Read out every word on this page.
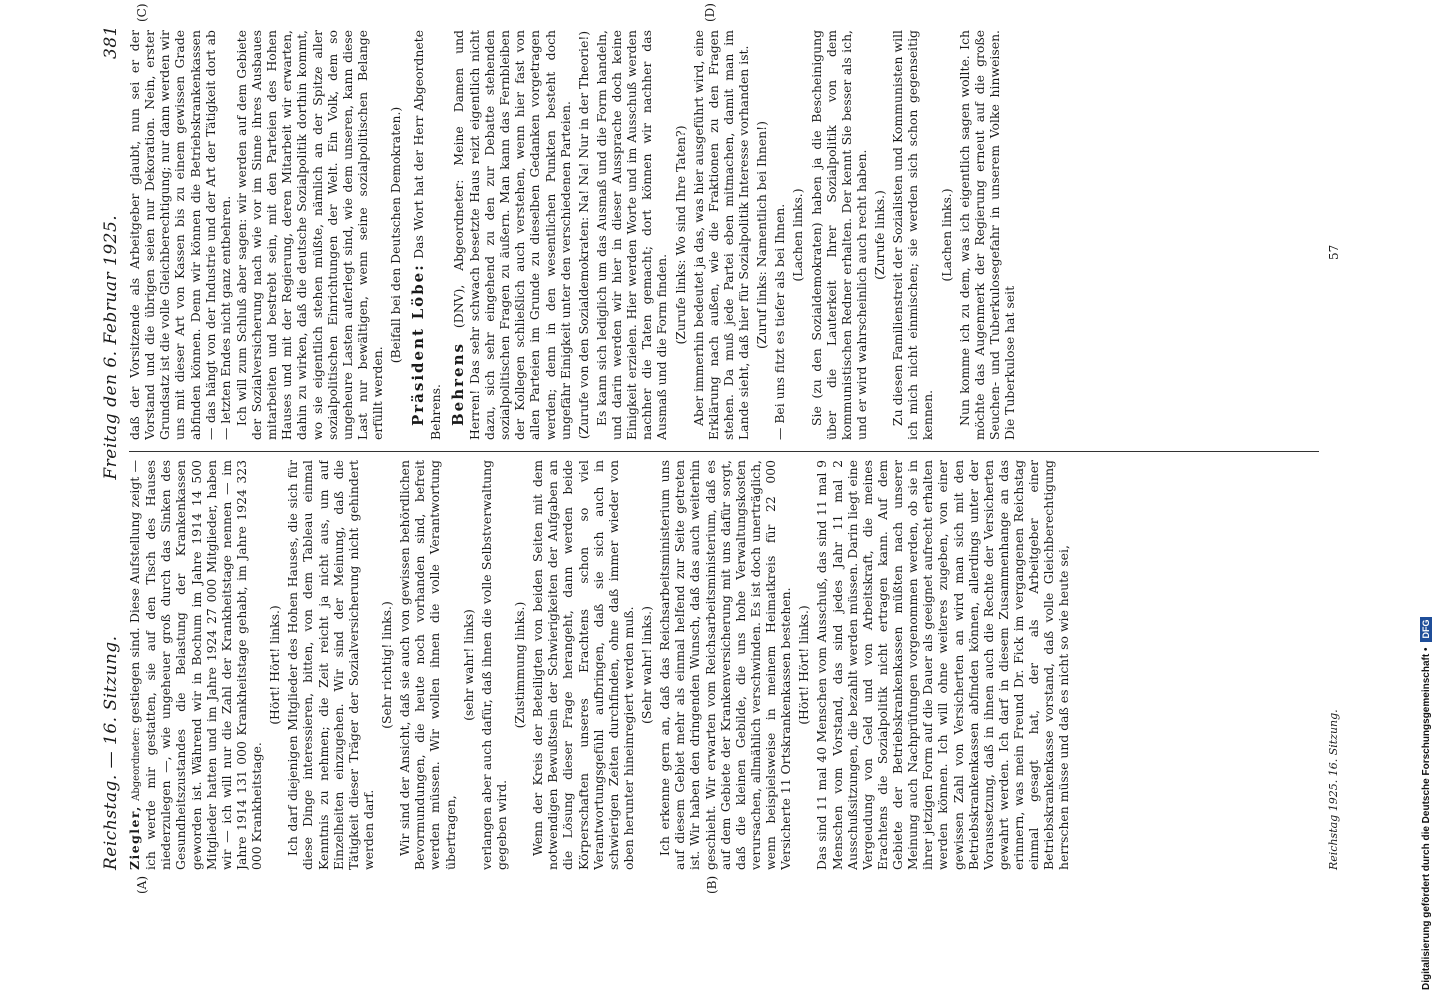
Reichstag. — 16. Sitzung.
Freitag den 6. Februar 1925.
381
(A)	(B)
(C)	(D)

Ziegler, Abgeordneter: gestiegen sind. Diese Aufstellung zeigt — ich werde mir gestatten, sie auf den Tisch des Hauses niederzulegen —, wie ungeheuer groß durch das Sinken des Gesundheitszustandes die Belastung der Krankenkassen geworden ist. Während wir in Bochum im Jahre 1914 14 500 Mitglieder hatten und im Jahre 1924 27 000 Mitglieder, haben wir — ich will nur die Zahl der Krankheitstage nennen — im Jahre 1914 131 000 Krankheitstage gehabt, im Jahre 1924 323 000 Krankheitstage.

(Hört! Hört! links.) Ich darf diejenigen Mitglieder des Hohen Hauses, die sich für diese Dinge interessieren, bitten, von dem Tableau einmal Kenntnis zu nehmen; die Zeit reicht ja nicht aus, um auf Einzelheiten einzugehen. Wir sind der Meinung, daß die Tätigkeit dieser Träger der Sozialversicherung nicht gehindert werden darf.

(Sehr richtig! links.) Wir sind der Ansicht, daß sie auch von gewissen behördlichen Bevormundungen, die heute noch vorhanden sind, befreit werden müssen. Wir wollen ihnen die volle Verantwortung übertragen,

(sehr wahr! links) verlangen aber auch dafür, daß ihnen die volle Selbstverwaltung gegeben wird.

(Zustimmung links.) Wenn der Kreis der Beteiligten von beiden Seiten mit dem notwendigen Bewußtsein der Schwierigkeiten der Aufgaben an die Lösung dieser Frage herangeht, dann werden beide Körperschaften unseres Erachtens schon so viel Verantwortungsgefühl aufbringen, daß sie sich auch in schwierigen Zeiten durchfinden, ohne daß immer wieder von oben herunter hineinregiert werden muß. (Sehr wahr! links.) Ich erkenne gern an, daß das Reichsarbeitsministerium uns auf diesem Gebiet mehr als einmal helfend zur Seite getreten ist. Wir haben den dringenden Wunsch, daß das auch weiterhin geschieht. Wir erwarten vom Reichsarbeitsministerium, daß es auf dem Gebiete der Krankenversicherung mit uns dafür sorgt, daß die kleinen Gebilde, die uns hohe Verwaltungskosten verursachen, allmählich verschwinden. Es ist doch unerträglich, wenn beispielsweise in meinem Heimatkreis für 22 000 Versicherte 11 Ortskrankenkassen bestehen. (Hört! Hört! links.) Das sind 11 mal 40 Menschen vom Ausschuß, das sind 11 mal 9 Menschen vom Vorstand, das sind jedes Jahr 11 mal 2 Ausschußsitzungen, die bezahlt werden müssen. Darin liegt eine Vergeudung von Geld und von Arbeitskraft, die meines Erachtens die Sozialpolitik nicht ertragen kann. Auf dem Gebiete der Betriebskrankenkassen müßten nach unserer Meinung auch Nachprüfungen vorgenommen werden, ob sie in ihrer jetzigen Form auf die Dauer als geeignet aufrecht erhalten werden können. Ich will ohne weiteres zugeben, von einer gewissen Zahl von Versicherten an wird man sich mit den Betriebskrankenkassen abfinden können, allerdings unter der Voraussetzung, daß in ihnen auch die Rechte der Versicherten gewahrt werden. Ich darf in diesem Zusammenhange an das erinnern, was mein Freund Dr. Fick im vergangenen Reichstag einmal gesagt hat, der als Arbeitgeber einer Betriebskrankenkasse vorstand, daß volle Gleichberechtigung herrschen müsse und daß es nicht so wie heute sei,

daß der Vorsitzende als Arbeitgeber glaubt, nun sei er der Vorstand und die übrigen seien nur Dekoration. Nein, erster Grundsatz ist die volle Gleichberechtigung; nur dann werden wir uns mit dieser Art von Kassen bis zu einem gewissen Grade abfinden können. Denn wir können die Betriebskrankenkassen — das hängt von der Industrie und der Art der Tätigkeit dort ab — letzten Endes nicht ganz entbehren. Ich will zum Schluß aber sagen: wir werden auf dem Gebiete der Sozialversicherung nach wie vor im Sinne ihres Ausbaues mitarbeiten und bestrebt sein, mit den Parteien des Hohen Hauses und mit der Regierung, deren Mitarbeit wir erwarten, dahin zu wirken, daß die deutsche Sozialpolitik dorthin kommt, wo sie eigentlich stehen müßte, nämlich an der Spitze aller sozialpolitischen Einrichtungen der Welt. Ein Volk, dem so ungeheure Lasten auferlegt sind, wie dem unseren, kann diese Last nur bewältigen, wenn seine sozialpolitischen Belange erfüllt werden.

(Beifall bei den Deutschen Demokraten.) Präsident Löbe: Das Wort hat der Herr Abgeordnete Behrens. Behrens (DNV), Abgeordneter: Meine Damen und Herren! Das sehr schwach besetzte Haus reizt eigentlich nicht dazu, sich sehr eingehend zu den zur Debatte stehenden sozialpolitischen Fragen zu äußern. Man kann das Fernbleiben der Kollegen schließlich auch verstehen, wenn hier fast von allen Parteien im Grunde zu dieselben Gedanken vorgetragen werden; denn in den wesentlichen Punkten besteht doch ungefähr Einigkeit unter den verschiedenen Parteien. (Zurufe von den Sozialdemokraten: Na! Na! Nur in der Theorie!) Es kann sich lediglich um das Ausmaß und die Form handeln, und darin werden wir hier in dieser Aussprache doch keine Einigkeit erzielen. Hier werden Worte und im Ausschuß werden nachher die Taten gemacht; dort können wir nachher das Ausmaß und die Form finden.

(Zurufe links: Wo sind Ihre Taten?) Aber immerhin bedeutet ja das, was hier ausgeführt wird, eine Erklärung nach außen, wie die Fraktionen zu den Fragen stehen. Da muß jede Partei eben mitmachen, damit man im Lande sieht, daß hier für Sozialpolitik Interesse vorhanden ist. (Zuruf links: Namentlich bei Ihnen!) — Bei uns fitzt es tiefer als bei Ihnen. (Lachen links.) Sie (zu den Sozialdemokraten) haben ja die Bescheinigung über die Lauterkeit Ihrer Sozialpolitik von dem kommunistischen Redner erhalten. Der kennt Sie besser als ich, und er wird wahrscheinlich auch recht haben. (Zurufe links.) Zu diesen Familienstreit der Sozialisten und Kommunisten will ich mich nicht einmischen; sie werden sich schon gegenseitig kennen.

(Lachen links.) Nun komme ich zu dem, was ich eigentlich sagen wollte. Ich möchte das Augenmerk der Regierung erneut auf die große Seuchen- und Tuberkulosegefahr in unserem Volke hinweisen. Die Tuberkulose hat seit

Reichstag 1925. 16. Sitzung.
57
Digitalisierung gefördert durch die Deutsche Forschungsgemeinschaft •
DFG
